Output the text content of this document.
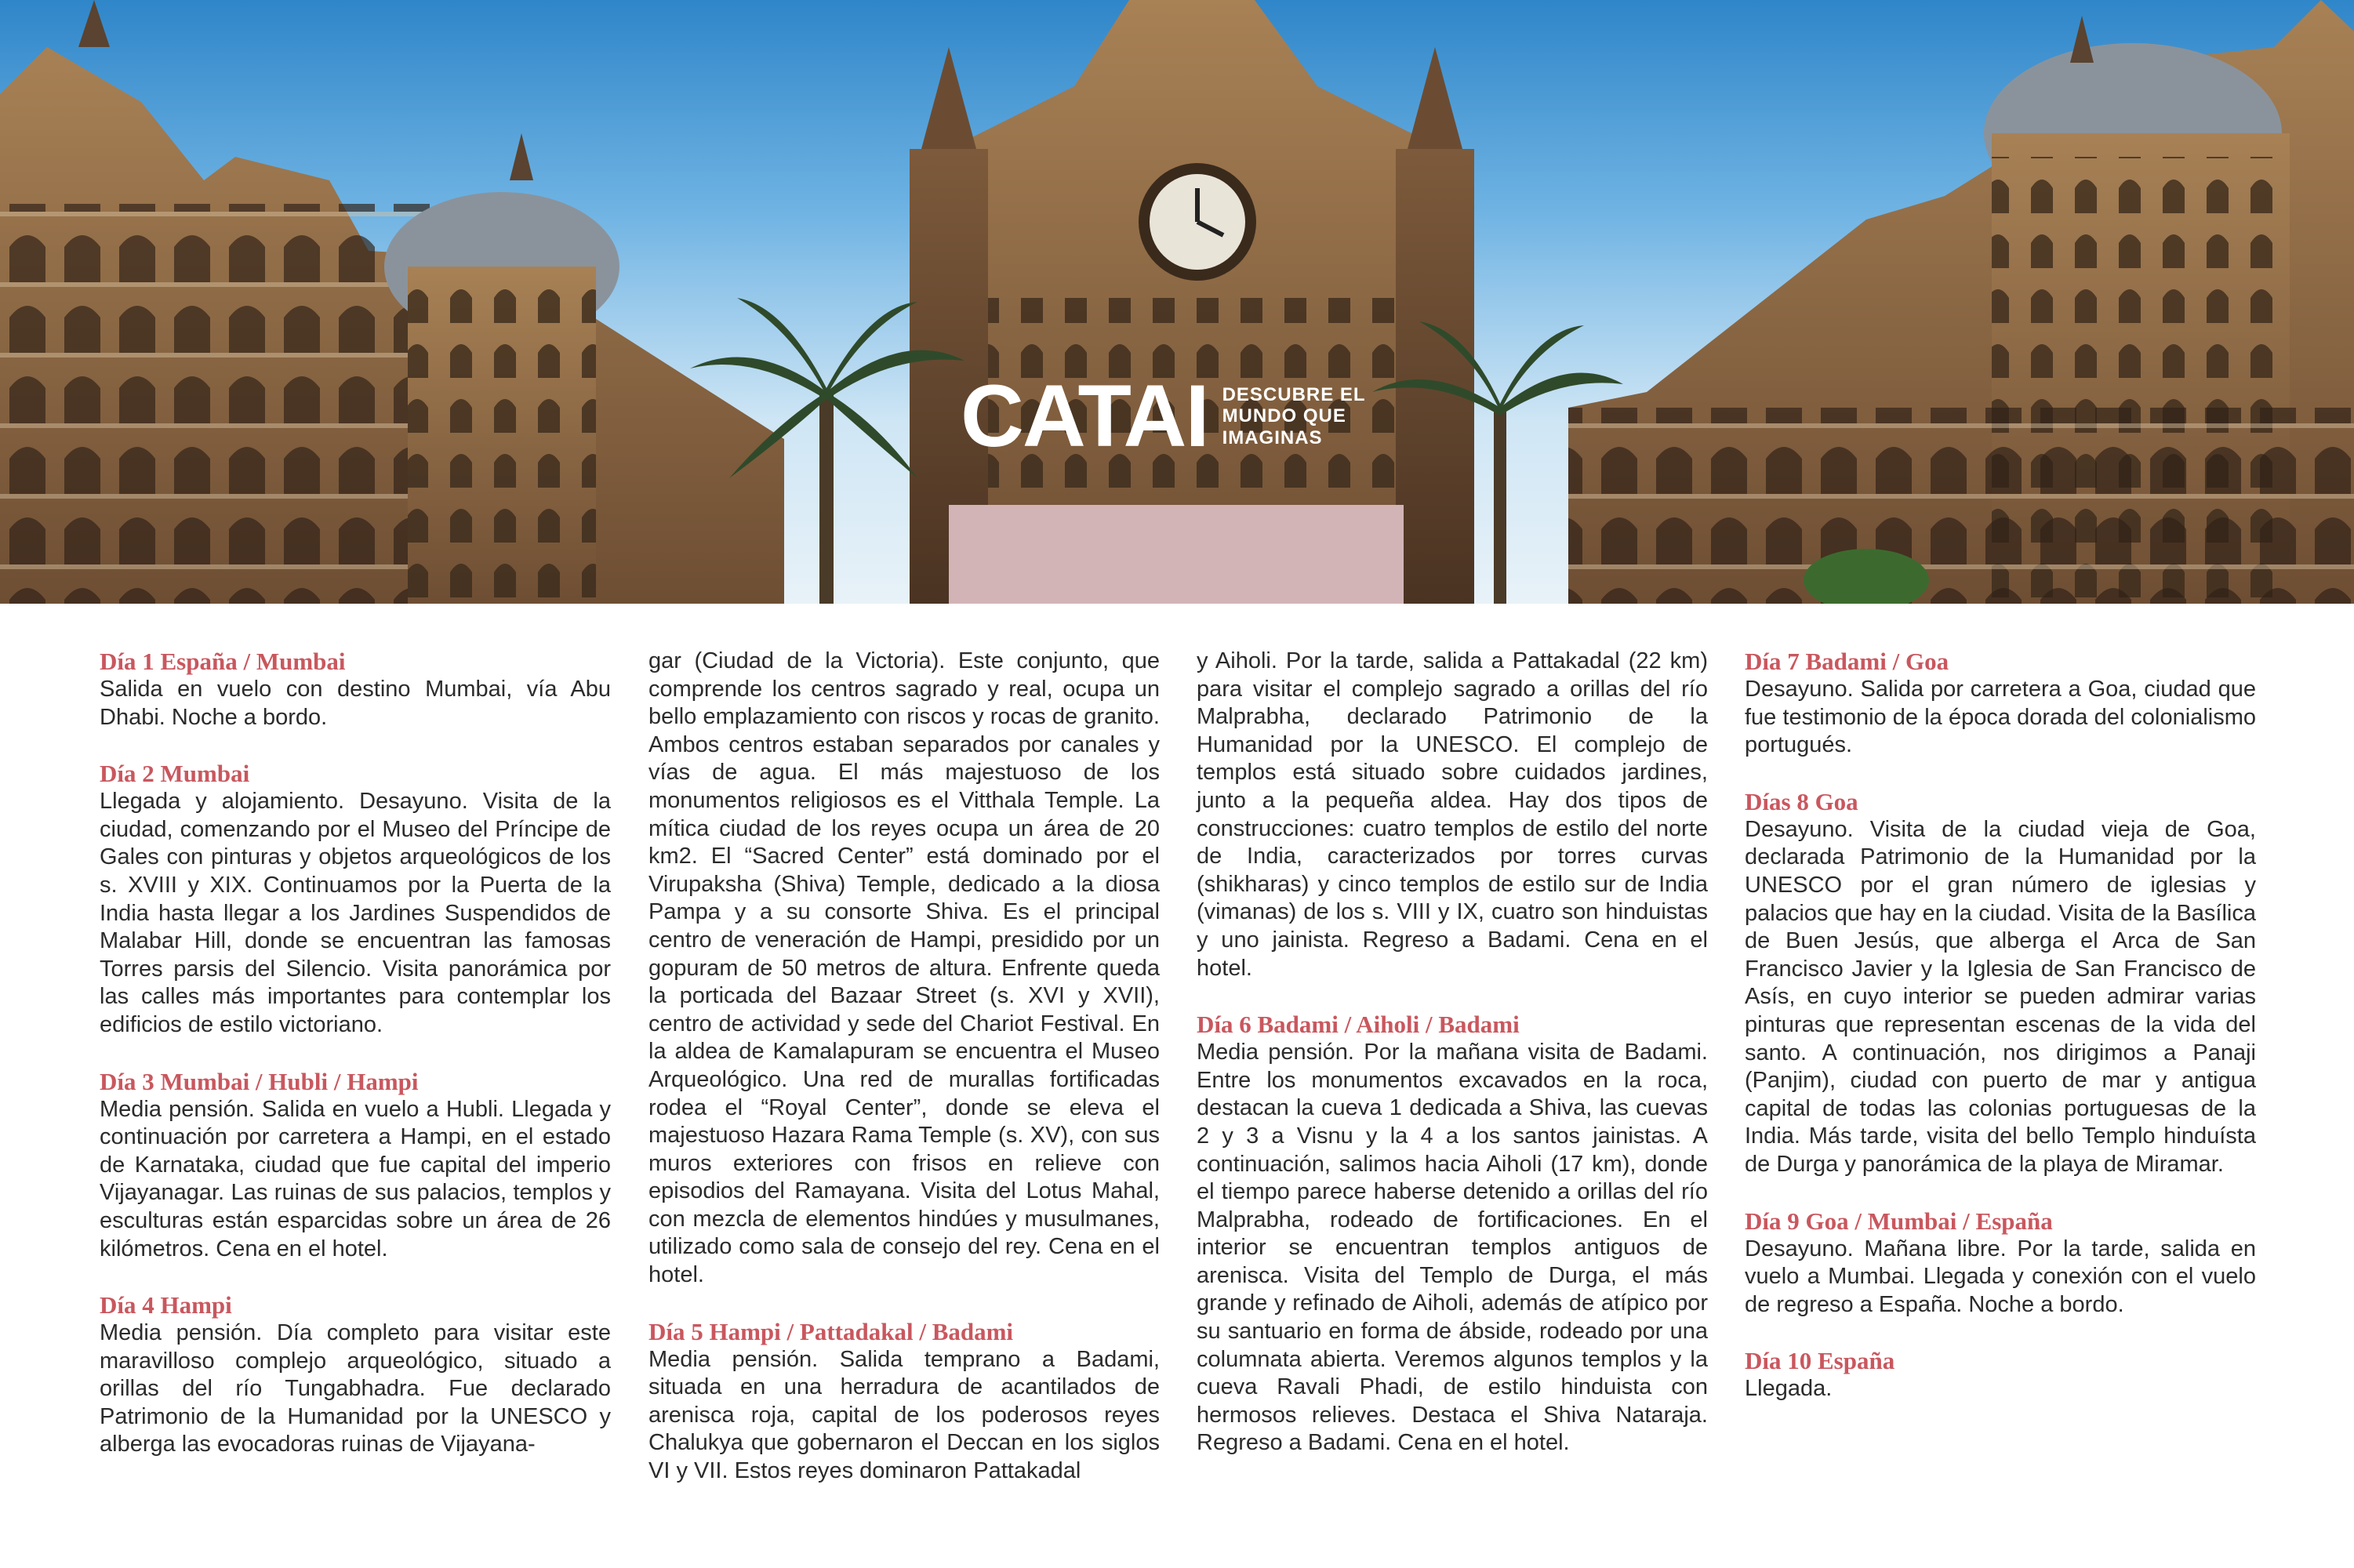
CATAI DESCUBRE EL
MUNDO QUE
IMAGINAS
Día 1 España / Mumbai
Salida en vuelo con destino Mumbai, vía Abu Dhabi. Noche a bordo.
Día 2 Mumbai
Llegada y alojamiento. Desayuno. Visita de la ciudad, comenzando por el Museo del Príncipe de Gales con pinturas y objetos arqueológicos de los s. XVIII y XIX. Continuamos por la Puerta de la India hasta llegar a los Jardines Suspendidos de Malabar Hill, donde se encuentran las famosas Torres parsis del Silencio. Visita panorámica por las calles más importantes para contemplar los edificios de estilo victoriano.
Día 3 Mumbai / Hubli / Hampi
Media pensión. Salida en vuelo a Hubli. Llegada y continuación por carretera a Hampi, en el estado de Karnataka, ciudad que fue capital del imperio Vijayanagar. Las ruinas de sus palacios, templos y esculturas están esparcidas sobre un área de 26 kilómetros. Cena en el hotel.
Día 4 Hampi
Media pensión. Día completo para visitar este maravilloso complejo arqueológico, situado a orillas del río Tungabhadra. Fue declarado Patrimonio de la Humanidad por la UNESCO y alberga las evocadoras ruinas de Vijayana-
gar (Ciudad de la Victoria). Este conjunto, que comprende los centros sagrado y real, ocupa un bello emplazamiento con riscos y rocas de granito. Ambos centros estaban separados por canales y vías de agua. El más majestuoso de los monumentos religiosos es el Vitthala Temple. La mítica ciudad de los reyes ocupa un área de 20 km2. El “Sacred Center” está dominado por el Virupaksha (Shiva) Temple, dedicado a la diosa Pampa y a su consorte Shiva. Es el principal centro de veneración de Hampi, presidido por un gopuram de 50 metros de altura. Enfrente queda la porticada del Bazaar Street (s. XVI y XVII), centro de actividad y sede del Chariot Festival. En la aldea de Kamalapuram se encuentra el Museo Arqueológico. Una red de murallas fortificadas rodea el “Royal Center”, donde se eleva el majestuoso Hazara Rama Temple (s. XV), con sus muros exteriores con frisos en relieve con episodios del Ramayana. Visita del Lotus Mahal, con mezcla de elementos hindúes y musulmanes, utilizado como sala de consejo del rey. Cena en el hotel.
Día 5 Hampi / Pattadakal / Badami
Media pensión. Salida temprano a Badami, situada en una herradura de acantilados de arenisca roja, capital de los poderosos reyes Chalukya que gobernaron el Deccan en los siglos VI y VII. Estos reyes dominaron Pattakadal
y Aiholi. Por la tarde, salida a Pattakadal (22 km) para visitar el complejo sagrado a orillas del río Malprabha, declarado Patrimonio de la Humanidad por la UNESCO. El complejo de templos está situado sobre cuidados jardines, junto a la pequeña aldea. Hay dos tipos de construcciones: cuatro templos de estilo del norte de India, caracterizados por torres curvas (shikharas) y cinco templos de estilo sur de India (vimanas) de los s. VIII y IX, cuatro son hinduistas y uno jainista. Regreso a Badami. Cena en el hotel.
Día 6 Badami / Aiholi / Badami
Media pensión. Por la mañana visita de Badami. Entre los monumentos excavados en la roca, destacan la cueva 1 dedicada a Shiva, las cuevas 2 y 3 a Visnu y la 4 a los santos jainistas. A continuación, salimos hacia Aiholi (17 km), donde el tiempo parece haberse detenido a orillas del río Malprabha, rodeado de fortificaciones. En el interior se encuentran templos antiguos de arenisca. Visita del Templo de Durga, el más grande y refinado de Aiholi, además de atípico por su santuario en forma de ábside, rodeado por una columnata abierta. Veremos algunos templos y la cueva Ravali Phadi, de estilo hinduista con hermosos relieves. Destaca el Shiva Nataraja. Regreso a Badami. Cena en el hotel.
Día 7 Badami / Goa
Desayuno. Salida por carretera a Goa, ciudad que fue testimonio de la época dorada del colonialismo portugués.
Días 8 Goa
Desayuno. Visita de la ciudad vieja de Goa, declarada Patrimonio de la Humanidad por la UNESCO por el gran número de iglesias y palacios que hay en la ciudad. Visita de la Basílica de Buen Jesús, que alberga el Arca de San Francisco Javier y la Iglesia de San Francisco de Asís, en cuyo interior se pueden admirar varias pinturas que representan escenas de la vida del santo. A continuación, nos dirigimos a Panaji (Panjim), ciudad con puerto de mar y antigua capital de todas las colonias portuguesas de la India. Más tarde, visita del bello Templo hinduísta de Durga y panorámica de la playa de Miramar.
Día 9 Goa / Mumbai / España
Desayuno. Mañana libre. Por la tarde, salida en vuelo a Mumbai. Llegada y conexión con el vuelo de regreso a España. Noche a bordo.
Día 10 España
Llegada.
